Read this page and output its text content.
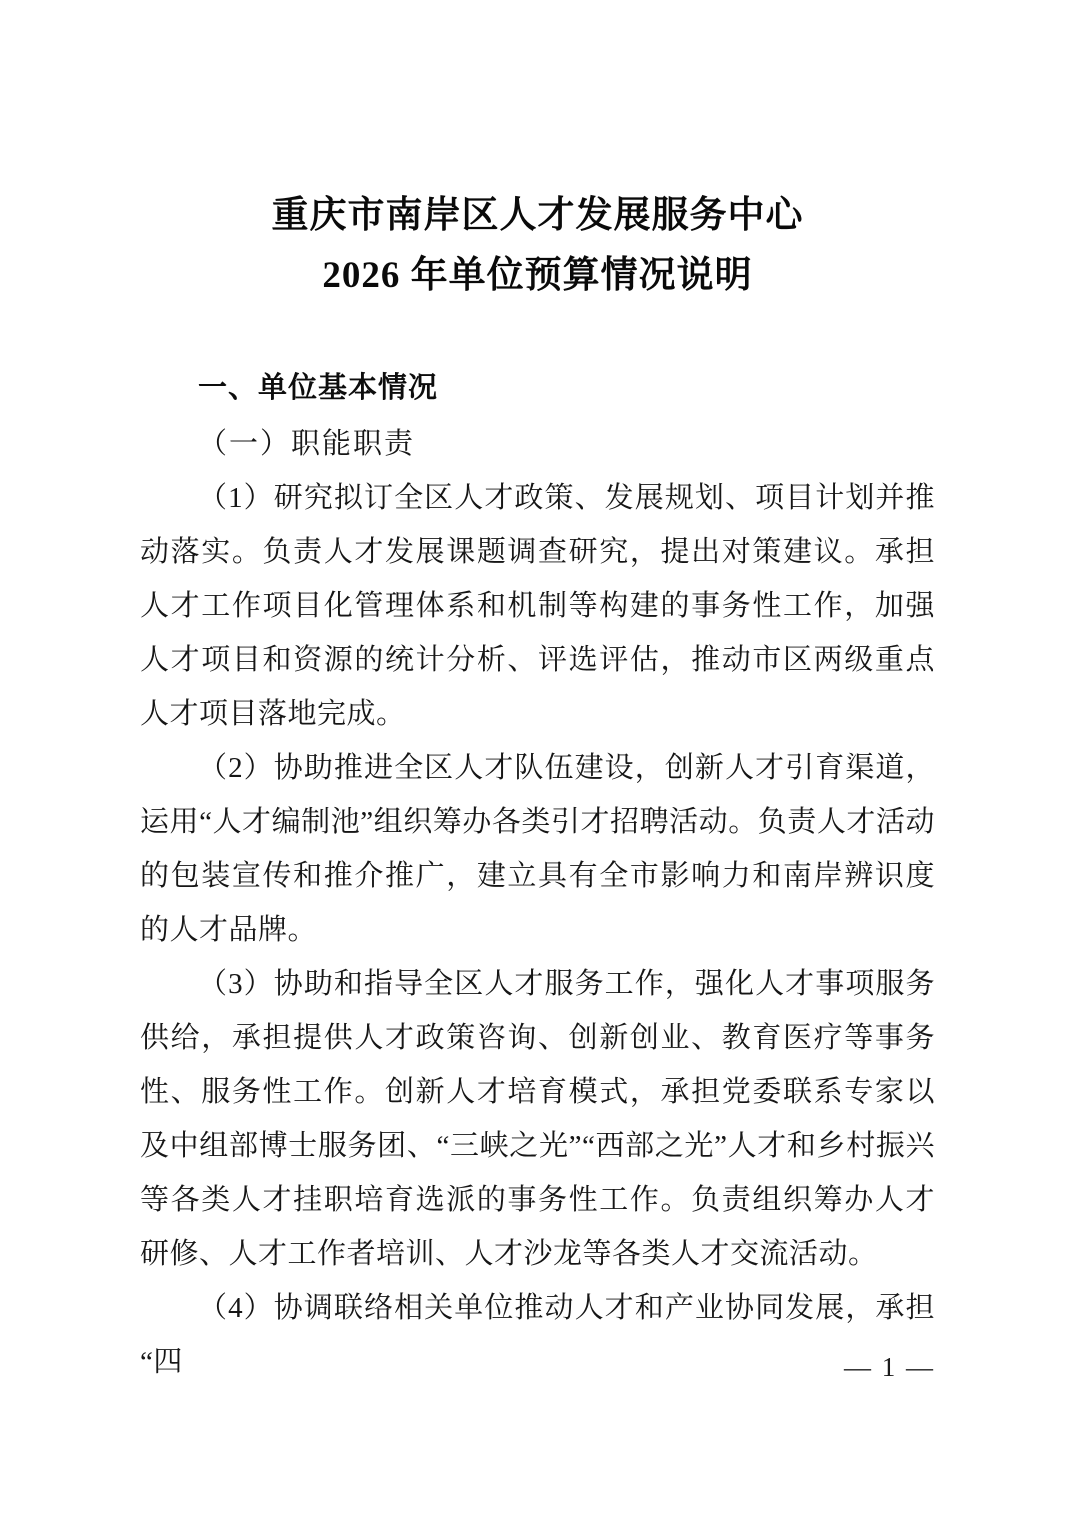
重庆市南岸区人才发展服务中心
2026 年单位预算情况说明
一、单位基本情况
（一）职能职责

（1）研究拟订全区人才政策、发展规划、项目计划并推动落实。负责人才发展课题调查研究，提出对策建议。承担人才工作项目化管理体系和机制等构建的事务性工作，加强人才项目和资源的统计分析、评选评估，推动市区两级重点人才项目落地完成。

（2）协助推进全区人才队伍建设，创新人才引育渠道，运用“人才编制池”组织筹办各类引才招聘活动。负责人才活动的包装宣传和推介推广，建立具有全市影响力和南岸辨识度的人才品牌。

（3）协助和指导全区人才服务工作，强化人才事项服务供给，承担提供人才政策咨询、创新创业、教育医疗等事务性、服务性工作。创新人才培育模式，承担党委联系专家以及中组部博士服务团、“三峡之光”“西部之光”人才和乡村振兴等各类人才挂职培育选派的事务性工作。负责组织筹办人才研修、人才工作者培训、人才沙龙等各类人才交流活动。

（4）协调联络相关单位推动人才和产业协同发展，承担“四	— 1 —
